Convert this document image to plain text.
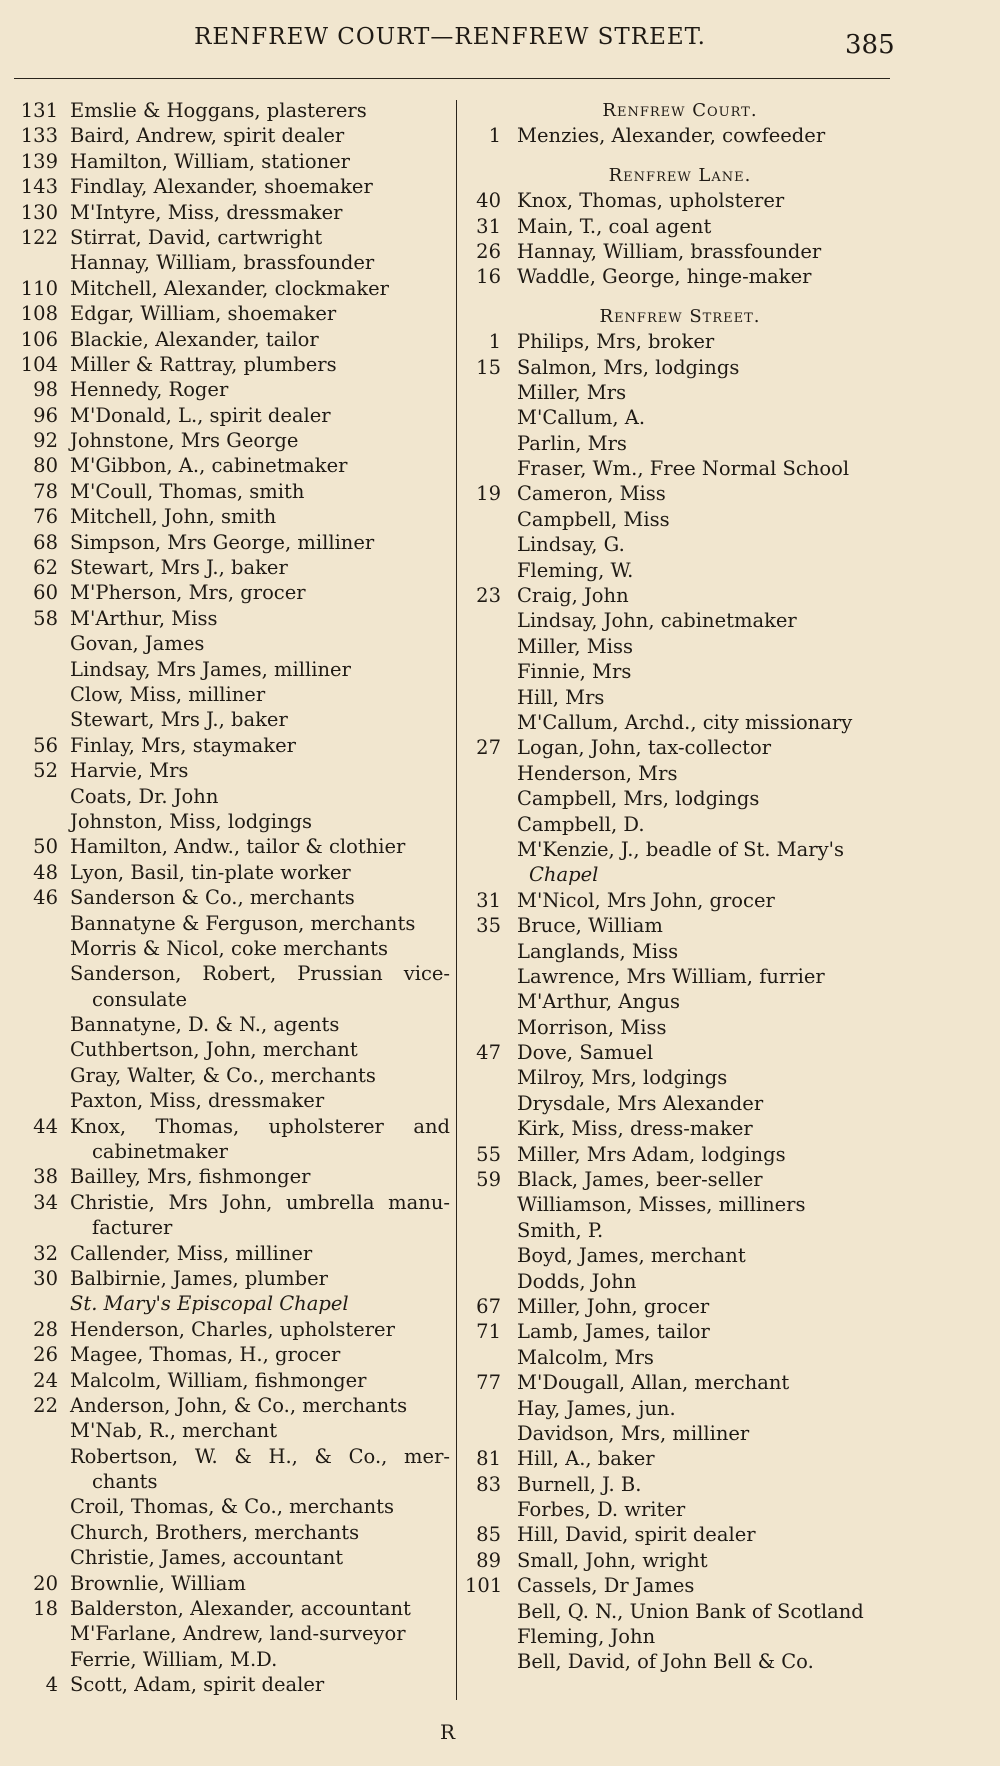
RENFREW COURT—RENFREW STREET.	385
131 Emslie & Hoggans, plasterers
133 Baird, Andrew, spirit dealer
139 Hamilton, William, stationer
143 Findlay, Alexander, shoemaker
130 M'Intyre, Miss, dressmaker
122 Stirrat, David, cartwright
Hannay, William, brassfounder
110 Mitchell, Alexander, clockmaker
108 Edgar, William, shoemaker
106 Blackie, Alexander, tailor
104 Miller & Rattray, plumbers
98 Hennedy, Roger
96 M'Donald, L., spirit dealer
92 Johnstone, Mrs George
80 M'Gibbon, A., cabinetmaker
78 M'Coull, Thomas, smith
76 Mitchell, John, smith
68 Simpson, Mrs George, milliner
62 Stewart, Mrs J., baker
60 M'Pherson, Mrs, grocer
58 M'Arthur, Miss
Govan, James
Lindsay, Mrs James, milliner
Clow, Miss, milliner
Stewart, Mrs J., baker
56 Finlay, Mrs, staymaker
52 Harvie, Mrs
Coats, Dr. John
Johnston, Miss, lodgings
50 Hamilton, Andw., tailor & clothier
48 Lyon, Basil, tin-plate worker
46 Sanderson & Co., merchants
Bannatyne & Ferguson, merchants
Morris & Nicol, coke merchants
Sanderson, Robert, Prussian vice-
consulate
Bannatyne, D. & N., agents
Cuthbertson, John, merchant
Gray, Walter, & Co., merchants
Paxton, Miss, dressmaker
44 Knox, Thomas, upholsterer and
cabinetmaker
38 Bailley, Mrs, fishmonger
34 Christie, Mrs John, umbrella manu-
facturer
32 Callender, Miss, milliner
30 Balbirnie, James, plumber
St. Mary's Episcopal Chapel
28 Henderson, Charles, upholsterer
26 Magee, Thomas, H., grocer
24 Malcolm, William, fishmonger
22 Anderson, John, & Co., merchants
M'Nab, R., merchant
Robertson, W. & H., & Co., mer-
chants
Croil, Thomas, & Co., merchants
Church, Brothers, merchants
Christie, James, accountant
20 Brownlie, William
18 Balderston, Alexander, accountant
M'Farlane, Andrew, land-surveyor
Ferrie, William, M.D.
4 Scott, Adam, spirit dealer
Renfrew Court.
1 Menzies, Alexander, cowfeeder
Renfrew Lane.
40 Knox, Thomas, upholsterer
31 Main, T., coal agent
26 Hannay, William, brassfounder
16 Waddle, George, hinge-maker
Renfrew Street.
1 Philips, Mrs, broker
15 Salmon, Mrs, lodgings
Miller, Mrs
M'Callum, A.
Parlin, Mrs
Fraser, Wm., Free Normal School
19 Cameron, Miss
Campbell, Miss
Lindsay, G.
Fleming, W.
23 Craig, John
Lindsay, John, cabinetmaker
Miller, Miss
Finnie, Mrs
Hill, Mrs
M'Callum, Archd., city missionary
27 Logan, John, tax-collector
Henderson, Mrs
Campbell, Mrs, lodgings
Campbell, D.
M'Kenzie, J., beadle of St. Mary's
Chapel
31 M'Nicol, Mrs John, grocer
35 Bruce, William
Langlands, Miss
Lawrence, Mrs William, furrier
M'Arthur, Angus
Morrison, Miss
47 Dove, Samuel
Milroy, Mrs, lodgings
Drysdale, Mrs Alexander
Kirk, Miss, dress-maker
55 Miller, Mrs Adam, lodgings
59 Black, James, beer-seller
Williamson, Misses, milliners
Smith, P.
Boyd, James, merchant
Dodds, John
67 Miller, John, grocer
71 Lamb, James, tailor
Malcolm, Mrs
77 M'Dougall, Allan, merchant
Hay, James, jun.
Davidson, Mrs, milliner
81 Hill, A., baker
83 Burnell, J. B.
Forbes, D. writer
85 Hill, David, spirit dealer
89 Small, John, wright
101 Cassels, Dr James
Bell, Q. N., Union Bank of Scotland
Fleming, John
Bell, David, of John Bell & Co.
R
